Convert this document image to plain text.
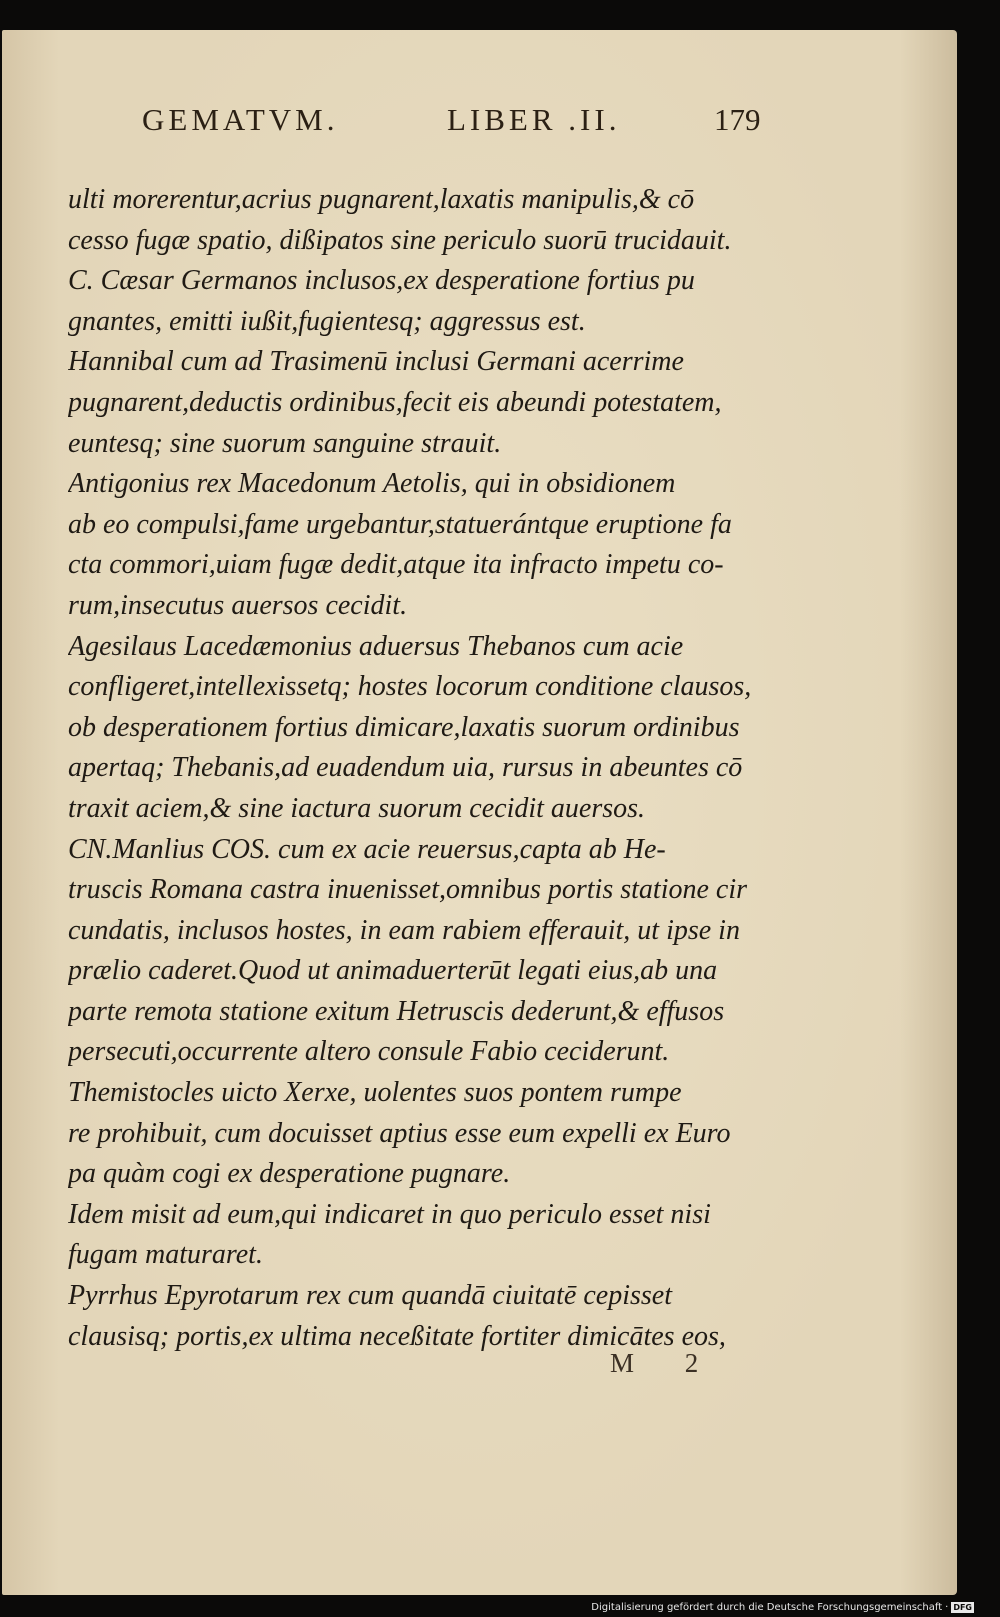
GEMATVM.	LIBER .II.	179
ulti morerentur,acrius pugnarent,laxatis manipulis,& cō
cesso fugæ spatio, dißipatos sine periculo suorū trucidauit.
C. Cæsar Germanos inclusos,ex desperatione fortius pu
gnantes, emitti iußit,fugientesq; aggressus est.
Hannibal cum ad Trasimenū inclusi Germani acerrime
pugnarent,deductis ordinibus,fecit eis abeundi potestatem,
euntesq; sine suorum sanguine strauit.
Antigonius rex Macedonum Aetolis, qui in obsidionem
ab eo compulsi,fame urgebantur,statuerántque eruptione fa
cta commori,uiam fugæ dedit,atque ita infracto impetu co-
rum,insecutus auersos cecidit.
Agesilaus Lacedæmonius aduersus Thebanos cum acie
confligeret,intellexissetq; hostes locorum conditione clausos,
ob desperationem fortius dimicare,laxatis suorum ordinibus
apertaq; Thebanis,ad euadendum uia, rursus in abeuntes cō
traxit aciem,& sine iactura suorum cecidit auersos.
CN.Manlius COS. cum ex acie reuersus,capta ab He-
truscis Romana castra inuenisset,omnibus portis statione cir
cundatis, inclusos hostes, in eam rabiem efferauit, ut ipse in
prælio caderet.Quod ut animaduerterūt legati eius,ab una
parte remota statione exitum Hetruscis dederunt,& effusos
persecuti,occurrente altero consule Fabio ceciderunt.
Themistocles uicto Xerxe, uolentes suos pontem rumpe
re prohibuit, cum docuisset aptius esse eum expelli ex Euro
pa quàm cogi ex desperatione pugnare.
Idem misit ad eum,qui indicaret in quo periculo esset nisi
fugam maturaret.
Pyrrhus Epyrotarum rex cum quandā ciuitatē cepisset
clausisq; portis,ex ultima neceßitate fortiter dimicātes eos,
M 2
Digitalisierung gefördert durch die Deutsche Forschungsgemeinschaft · DFG
